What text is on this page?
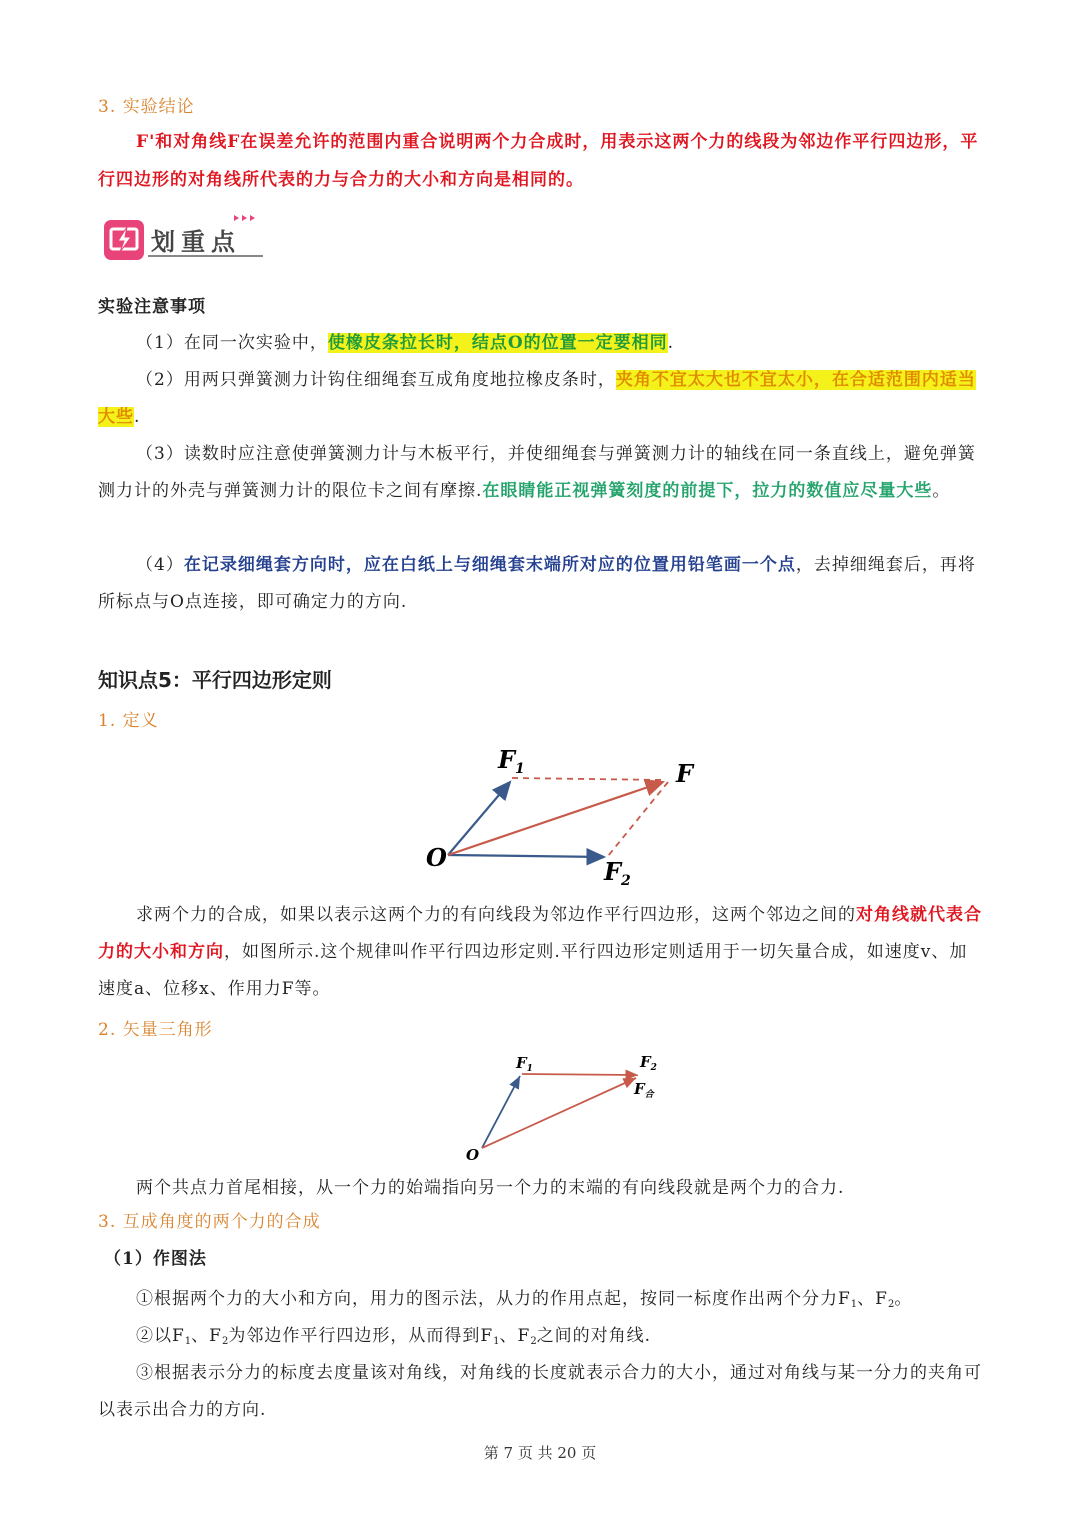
3. 实验结论
F'和对角线F在误差允许的范围内重合说明两个力合成时，用表示这两个力的线段为邻边作平行四边形，平行四边形的对角线所代表的力与合力的大小和方向是相同的。
划重点
实验注意事项
（1）在同一次实验中，使橡皮条拉长时，结点O的位置一定要相同.
（2）用两只弹簧测力计钩住细绳套互成角度地拉橡皮条时，夹角不宜太大也不宜太小，在合适范围内适当大些.
（3）读数时应注意使弹簧测力计与木板平行，并使细绳套与弹簧测力计的轴线在同一条直线上，避免弹簧测力计的外壳与弹簧测力计的限位卡之间有摩擦.在眼睛能正视弹簧刻度的前提下，拉力的数值应尽量大些。
（4）在记录细绳套方向时，应在白纸上与细绳套末端所对应的位置用铅笔画一个点，去掉细绳套后，再将所标点与O点连接，即可确定力的方向.
知识点5：平行四边形定则
1. 定义
$F_1$	F
$F_2$
O
求两个力的合成，如果以表示这两个力的有向线段为邻边作平行四边形，这两个邻边之间的对角线就代表合力的大小和方向，如图所示.这个规律叫作平行四边形定则.平行四边形定则适用于一切矢量合成，如速度v、加速度a、位移x、作用力F等。
2. 矢量三角形
$F_1$	$F_2$
$F_合$
O
两个共点力首尾相接，从一个力的始端指向另一个力的末端的有向线段就是两个力的合力.
3. 互成角度的两个力的合成
（1）作图法
①根据两个力的大小和方向，用力的图示法，从力的作用点起，按同一标度作出两个分力$F_1$、$F_2$。
②以$F_1$、$F_2$为邻边作平行四边形，从而得到$F_1$、$F_2$之间的对角线.
③根据表示分力的标度去度量该对角线，对角线的长度就表示合力的大小，通过对角线与某一分力的夹角可以表示出合力的方向.
第 7 页 共 20 页
